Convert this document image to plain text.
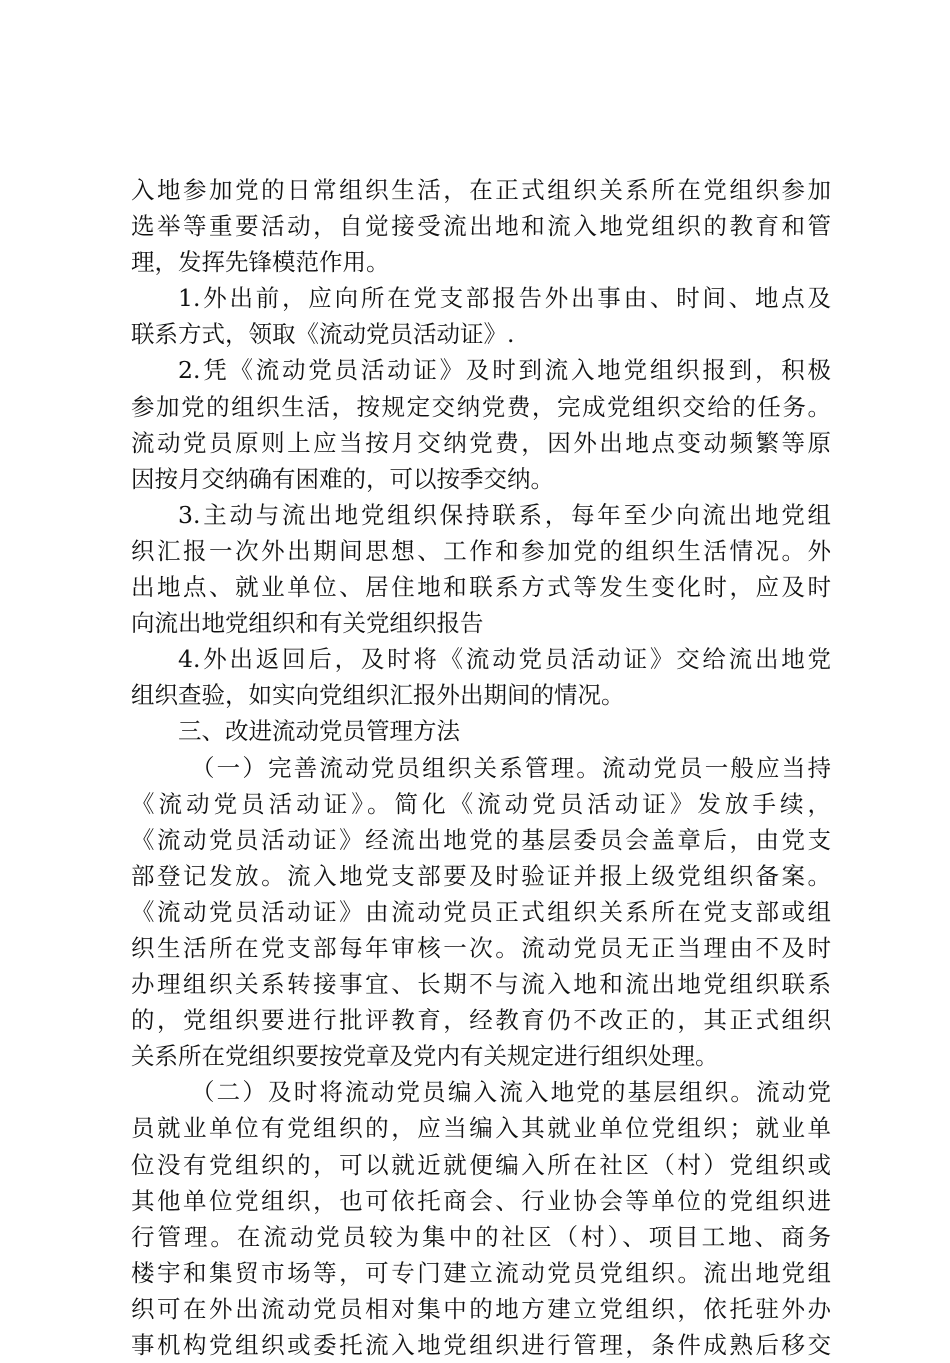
入地参加党的日常组织生活，在正式组织关系所在党组织参加
选举等重要活动，自觉接受流出地和流入地党组织的教育和管
理，发挥先锋模范作用。
1.外出前，应向所在党支部报告外出事由、时间、地点及
联系方式，领取《流动党员活动证》.
2.凭《流动党员活动证》及时到流入地党组织报到，积极
参加党的组织生活，按规定交纳党费，完成党组织交给的任务。
流动党员原则上应当按月交纳党费，因外出地点变动频繁等原
因按月交纳确有困难的，可以按季交纳。
3.主动与流出地党组织保持联系，每年至少向流出地党组
织汇报一次外出期间思想、工作和参加党的组织生活情况。外
出地点、就业单位、居住地和联系方式等发生变化时，应及时
向流出地党组织和有关党组织报告
4.外出返回后，及时将《流动党员活动证》交给流出地党
组织查验，如实向党组织汇报外出期间的情况。
三、改进流动党员管理方法
（一）完善流动党员组织关系管理。流动党员一般应当持
《流动党员活动证》。简化《流动党员活动证》发放手续，
《流动党员活动证》经流出地党的基层委员会盖章后，由党支
部登记发放。流入地党支部要及时验证并报上级党组织备案。
《流动党员活动证》由流动党员正式组织关系所在党支部或组
织生活所在党支部每年审核一次。流动党员无正当理由不及时
办理组织关系转接事宜、长期不与流入地和流出地党组织联系
的，党组织要进行批评教育，经教育仍不改正的，其正式组织
关系所在党组织要按党章及党内有关规定进行组织处理。
（二）及时将流动党员编入流入地党的基层组织。流动党
员就业单位有党组织的，应当编入其就业单位党组织；就业单
位没有党组织的，可以就近就便编入所在社区（村）党组织或
其他单位党组织，也可依托商会、行业协会等单位的党组织进
行管理。在流动党员较为集中的社区（村）、项目工地、商务
楼宇和集贸市场等，可专门建立流动党员党组织。流出地党组
织可在外出流动党员相对集中的地方建立党组织，依托驻外办
事机构党组织或委托流入地党组织进行管理，条件成熟后移交
